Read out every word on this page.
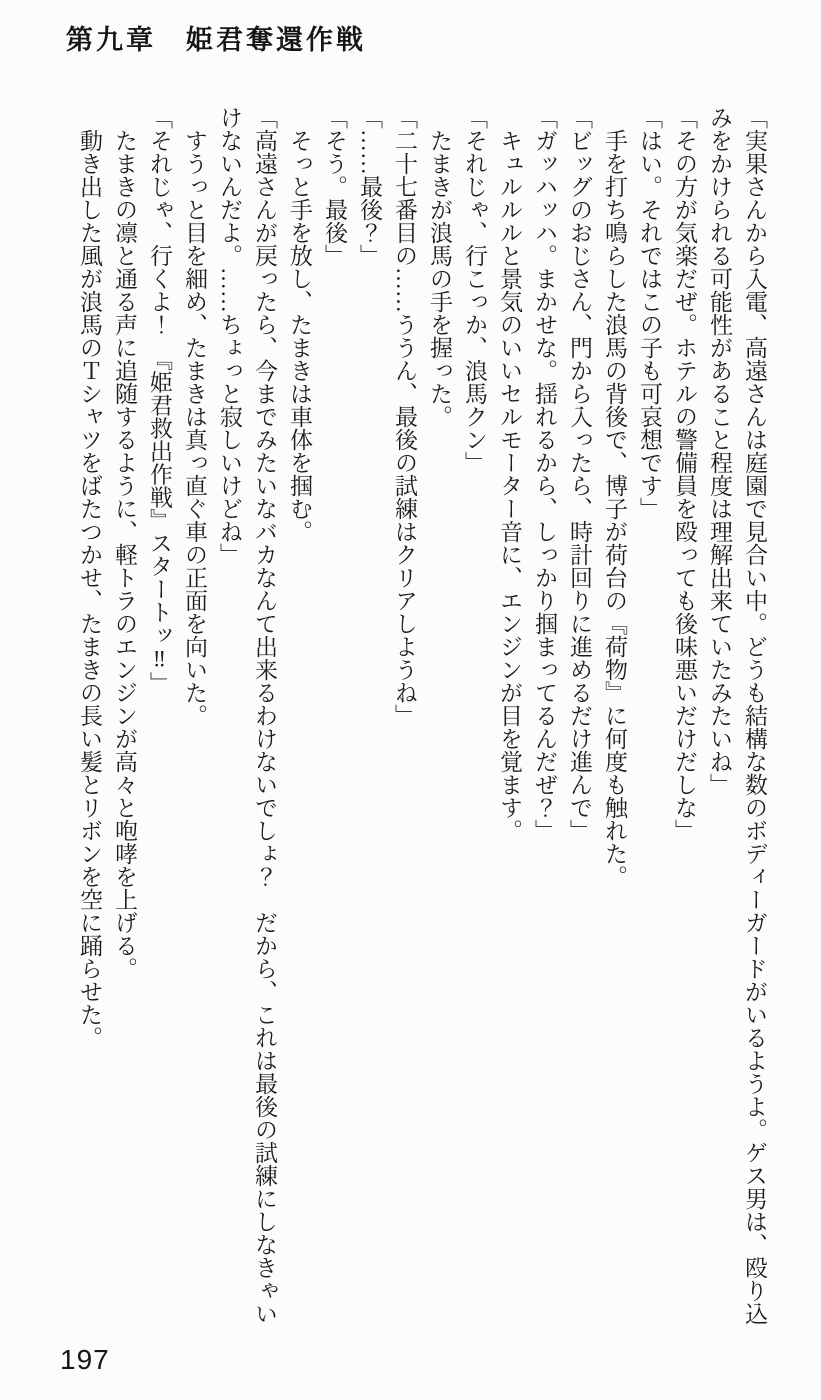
第九章　姫君奪還作戦

「実果さんから入電、高遠さんは庭園で見合い中。どうも結構な数のボディーガードがいるようよ。ゲス男は、殴り込

みをかけられる可能性があること程度は理解出来ていたみたいね」

「その方が気楽だぜ。ホテルの警備員を殴っても後味悪いだけだしな」

「はい。それではこの子も可哀想です」

手を打ち鳴らした浪馬の背後で、博子が荷台の『荷物』に何度も触れた。

「ビッグのおじさん、門から入ったら、時計回りに進めるだけ進んで」

「ガッハッハ。まかせな。揺れるから、しっかり掴まってるんだぜ？」

キュルルルと景気のいいセルモーター音に、エンジンが目を覚ます。

「それじゃ、行こっか、浪馬クン」

たまきが浪馬の手を握った。

「二十七番目の……ううん、最後の試練はクリアしようね」

「……最後？」

「そう。最後」

そっと手を放し、たまきは車体を掴む。

「高遠さんが戻ったら、今までみたいなバカなんて出来るわけないでしょ？　だから、これは最後の試練にしなきゃい

けないんだよ。……ちょっと寂しいけどね」

すうっと目を細め、たまきは真っ直ぐ車の正面を向いた。

「それじゃ、行くよ！　『姫君救出作戦』スタートッ‼」

たまきの凛と通る声に追随するように、軽トラのエンジンが高々と咆哮を上げる。

動き出した風が浪馬のＴシャツをばたつかせ、たまきの長い髪とリボンを空に踊らせた。

197
